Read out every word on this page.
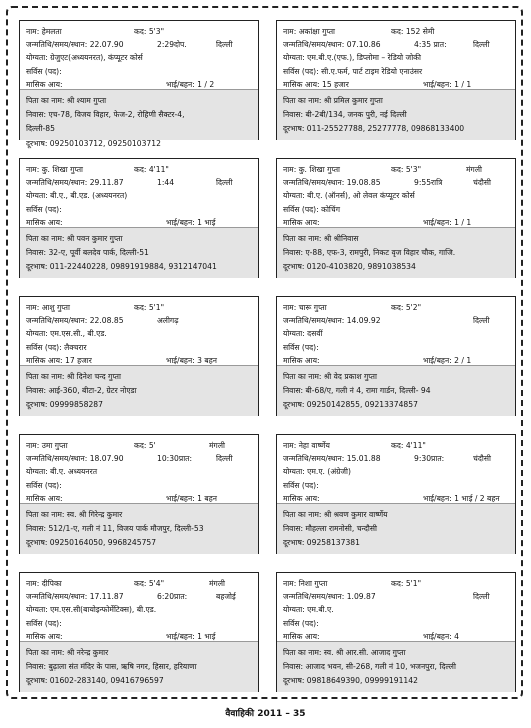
नाम: हेमलता	कद: 5'3"
जन्मतिथि/समय/स्थान: 22.07.90	2:29दोप.	दिल्ली
योग्यता: ग्रेजुएट(अध्ययनरत), कंप्यूटर कोर्स
सर्विस (पद):
मासिक आय:	भाई/बहन: 1 / 2
पिता का नाम: श्री श्याम गुप्ता
निवास: एच-78, विजय विहार, फेज-2, रोहिणी सैक्टर-4,
दिल्ली-85
दूरभाष: 09250103712, 09250103712
नाम: अकांक्षा गुप्ता	कद: 152 सेमी
जन्मतिथि/समय/स्थान: 07.10.86	4:35 प्रात:	दिल्ली
योग्यता: एम.बी.ए.(एफ.), डिप्लोमा – रेडियो जोकी
सर्विस (पद): सी.ए.फर्म, पार्ट टाइम रेडियो एनाउंसर
मासिक आय: 15 हजार	भाई/बहन: 1 / 1
पिता का नाम: श्री प्रमिल कुमार गुप्ता
निवास: बी-2बी/134, जनक पुरी, नई दिल्ली
दूरभाष: 011-25527788, 25277778, 09868133400
नाम: कु. शिखा गुप्ता	कद: 4'11"
जन्मतिथि/समय/स्थान: 29.11.87	1:44	दिल्ली
योग्यता: बी.ए., बी.एड. (अध्ययनरत)
सर्विस (पद):
मासिक आय:	भाई/बहन: 1 भाई
पिता का नाम: श्री पवन कुमार गुप्ता
निवास: 32-ए, पूर्वी बलदेव पार्क, दिल्ली-51
दूरभाष: 011-22440228, 09891919884, 9312147041
नाम: कु. शिखा गुप्ता	कद: 5'3"	मंगली
जन्मतिथि/समय/स्थान: 19.08.85	9:55रात्रि	चंदौसी
योग्यता: बी.ए. (ऑनर्स), ओ लेवल कंप्यूटर कोर्स
सर्विस (पद): कोचिंग
मासिक आय:	भाई/बहन: 1 / 1
पिता का नाम: श्री श्रीनिवास
निवास: ए-88, एफ-3, रामपुरी, निकट वृज विहार चौक, गाजि.
दूरभाष: 0120-4103820, 9891038534
नाम: आशु गुप्ता	कद: 5'1"
जन्मतिथि/समय/स्थान: 22.08.85	अलीगढ़
योग्यता: एम.एस.सी., बी.एड.
सर्विस (पद): लैक्चरार
मासिक आय: 17 हजार	भाई/बहन: 3 बहन
पिता का नाम: श्री दिनेश चन्द गुप्ता
निवास: आई-360, बीटा-2, ग्रेटर नोएडा
दूरभाष: 09999858287
नाम: चारू गुप्ता	कद: 5'2"
जन्मतिथि/समय/स्थान: 14.09.92	दिल्ली
योग्यता: दसवीं
सर्विस (पद):
मासिक आय:	भाई/बहन: 2 / 1
पिता का नाम: श्री वेद प्रकाश गुप्ता
निवास: बी-68/ए, गली नं 4, रामा गार्डन, दिल्ली- 94
दूरभाष: 09250142855, 09213374857
नाम: उमा गुप्ता	कद: 5'	मंगली
जन्मतिथि/समय/स्थान: 18.07.90	10:30प्रात:	दिल्ली
योग्यता: बी.ए. अध्ययनरत
सर्विस (पद):
मासिक आय:	भाई/बहन: 1 बहन
पिता का नाम: स्व. श्री गिरेन्द्र कुमार
निवास: 512/1-ए, गली नं 11, विजय पार्क मौजपुर, दिल्ली-53
दूरभाष: 09250164050, 9968245757
नाम: नेहा वार्ष्णेय	कद: 4'11"
जन्मतिथि/समय/स्थान: 15.01.88	9:30प्रात:	चंदौसी
योग्यता: एम.ए. (अंग्रेजी)
सर्विस (पद):
मासिक आय:	भाई/बहन: 1 भाई / 2 बहन
पिता का नाम: श्री श्रवण कुमार वार्ष्णेय
निवास: मौहल्ला रामनोसी, चन्दौसी
दूरभाष: 09258137381
नाम: दीपिका	कद: 5'4"	मंगली
जन्मतिथि/समय/स्थान: 17.11.87	6:20प्रात:	बहजोई
योग्यता: एम.एस.सी(बायोइन्फोर्मेटिक्स), बी.एड.
सर्विस (पद):
मासिक आय:	भाई/बहन: 1 भाई
पिता का नाम: श्री नरेन्द्र कुमार
निवास: बुढ़ाला संत मंदिर के पास, ऋषि नगर, हिसार, हरियाणा
दूरभाष: 01602-283140, 09416796597
नाम: निशा गुप्ता	कद: 5'1"
जन्मतिथि/समय/स्थान: 1.09.87	दिल्ली
योग्यता: एम.बी.ए.
सर्विस (पद):
मासिक आय:	भाई/बहन: 4
पिता का नाम: स्व. श्री आर.सी. आजाद गुप्ता
निवास: आजाद भवन, सी-268, गली नं 10, भजनपुरा, दिल्ली
दूरभाष: 09818649390, 09999191142
वैवाहिकी 2011 – 35
